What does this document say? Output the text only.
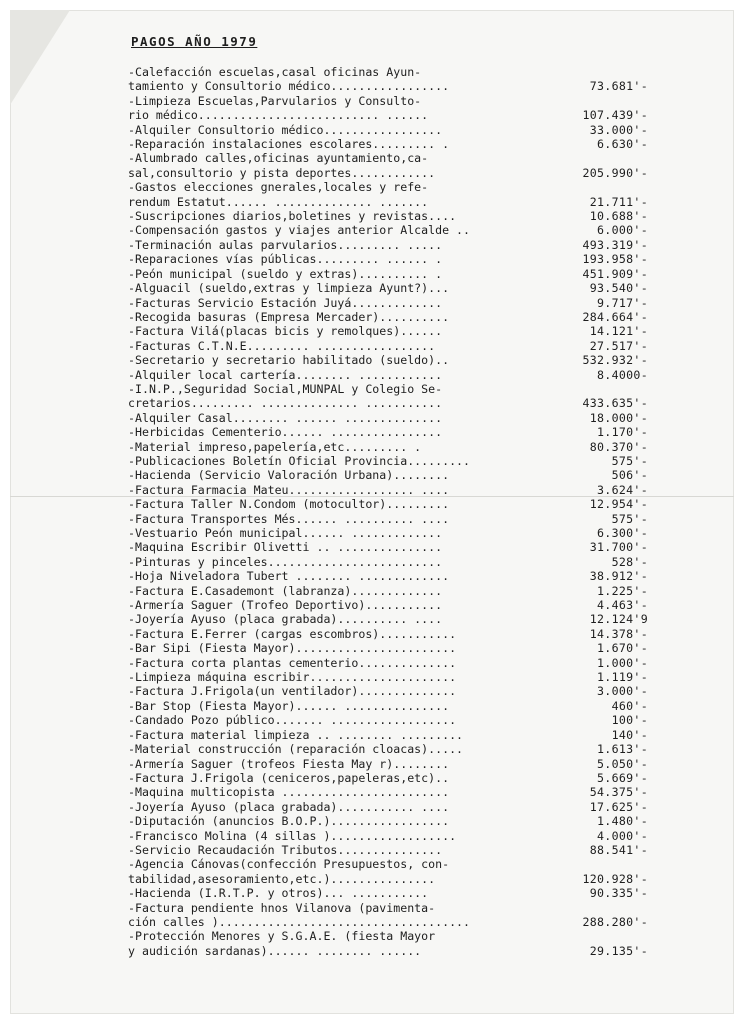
PAGOS AÑO 1979
-Calefacción escuelas,casal oficinas Ayun-
tamiento y Consultorio médico.................	73.681'-
-Limpieza Escuelas,Parvularios y Consulto-
rio médico.......................... ......	107.439'-
-Alquiler Consultorio médico.................	33.000'-
-Reparación instalaciones escolares......... .	6.630'-
-Alumbrado calles,oficinas ayuntamiento,ca-
sal,consultorio y pista deportes............	205.990'-
-Gastos elecciones gnerales,locales y refe-
rendum Estatut...... .............. .......	21.711'-
-Suscripciones diarios,boletines y revistas....	10.688'-
-Compensación gastos y viajes anterior Alcalde ..	6.000'-
-Terminación aulas parvularios......... .....	493.319'-
-Reparaciones vías públicas......... ...... .	193.958'-
-Peón municipal (sueldo y extras).......... .	451.909'-
-Alguacil (sueldo,extras y limpieza Ayunt?)...	93.540'-
-Facturas Servicio Estación Juyá.............	9.717'-
-Recogida basuras (Empresa Mercader)..........	284.664'-
-Factura Vilá(placas bicis y remolques)......	14.121'-
-Facturas C.T.N.E......... .................	27.517'-
-Secretario y secretario habilitado (sueldo)..	532.932'-
-Alquiler local cartería........ ............	8.4000-
-I.N.P.,Seguridad Social,MUNPAL y Colegio Se-
cretarios......... .............. ...........	433.635'-
-Alquiler Casal........ ...... ..............	18.000'-
-Herbicidas Cementerio...... ................	1.170'-
-Material impreso,papelería,etc......... .	80.370'-
-Publicaciones Boletín Oficial Provincia.........	575'-
-Hacienda (Servicio Valoración Urbana)........	506'-
-Factura Farmacia Mateu.................. ....	3.624'-
-Factura Taller N.Condom (motocultor).........	12.954'-
-Factura Transportes Més...... .......... ....	575'-
-Vestuario Peón municipal...... .............	6.300'-
-Maquina Escribir Olivetti .. ...............	31.700'-
-Pinturas y pinceles.........................	528'-
-Hoja Niveladora Tubert ........ .............	38.912'-
-Factura E.Casademont (labranza).............	1.225'-
-Armería Saguer (Trofeo Deportivo)...........	4.463'-
-Joyería Ayuso (placa grabada).......... ....	12.124'9
-Factura E.Ferrer (cargas escombros)...........	14.378'-
-Bar Sipi (Fiesta Mayor).......................	1.670'-
-Factura corta plantas cementerio..............	1.000'-
-Limpieza máquina escribir.....................	1.119'-
-Factura J.Frigola(un ventilador)..............	3.000'-
-Bar Stop (Fiesta Mayor)...... ...............	460'-
-Candado Pozo público....... ..................	100'-
-Factura material limpieza .. ........ .........	140'-
-Material construcción (reparación cloacas).....	1.613'-
-Armería Saguer (trofeos Fiesta May r)........	5.050'-
-Factura J.Frigola (ceniceros,papeleras,etc)..	5.669'-
-Maquina multicopista ........................	54.375'-
-Joyería Ayuso (placa grabada)........... ....	17.625'-
-Diputación (anuncios B.O.P.).................	1.480'-
-Francisco Molina (4 sillas )..................	4.000'-
-Servicio Recaudación Tributos...............	88.541'-
-Agencia Cánovas(confección Presupuestos, con-
tabilidad,asesoramiento,etc.)...............	120.928'-
-Hacienda (I.R.T.P. y otros)... ...........	90.335'-
-Factura pendiente hnos Vilanova (pavimenta-
ción calles )....................................	288.280'-
-Protección Menores y S.G.A.E. (fiesta Mayor
y audición sardanas)...... ........ ......	29.135'-
